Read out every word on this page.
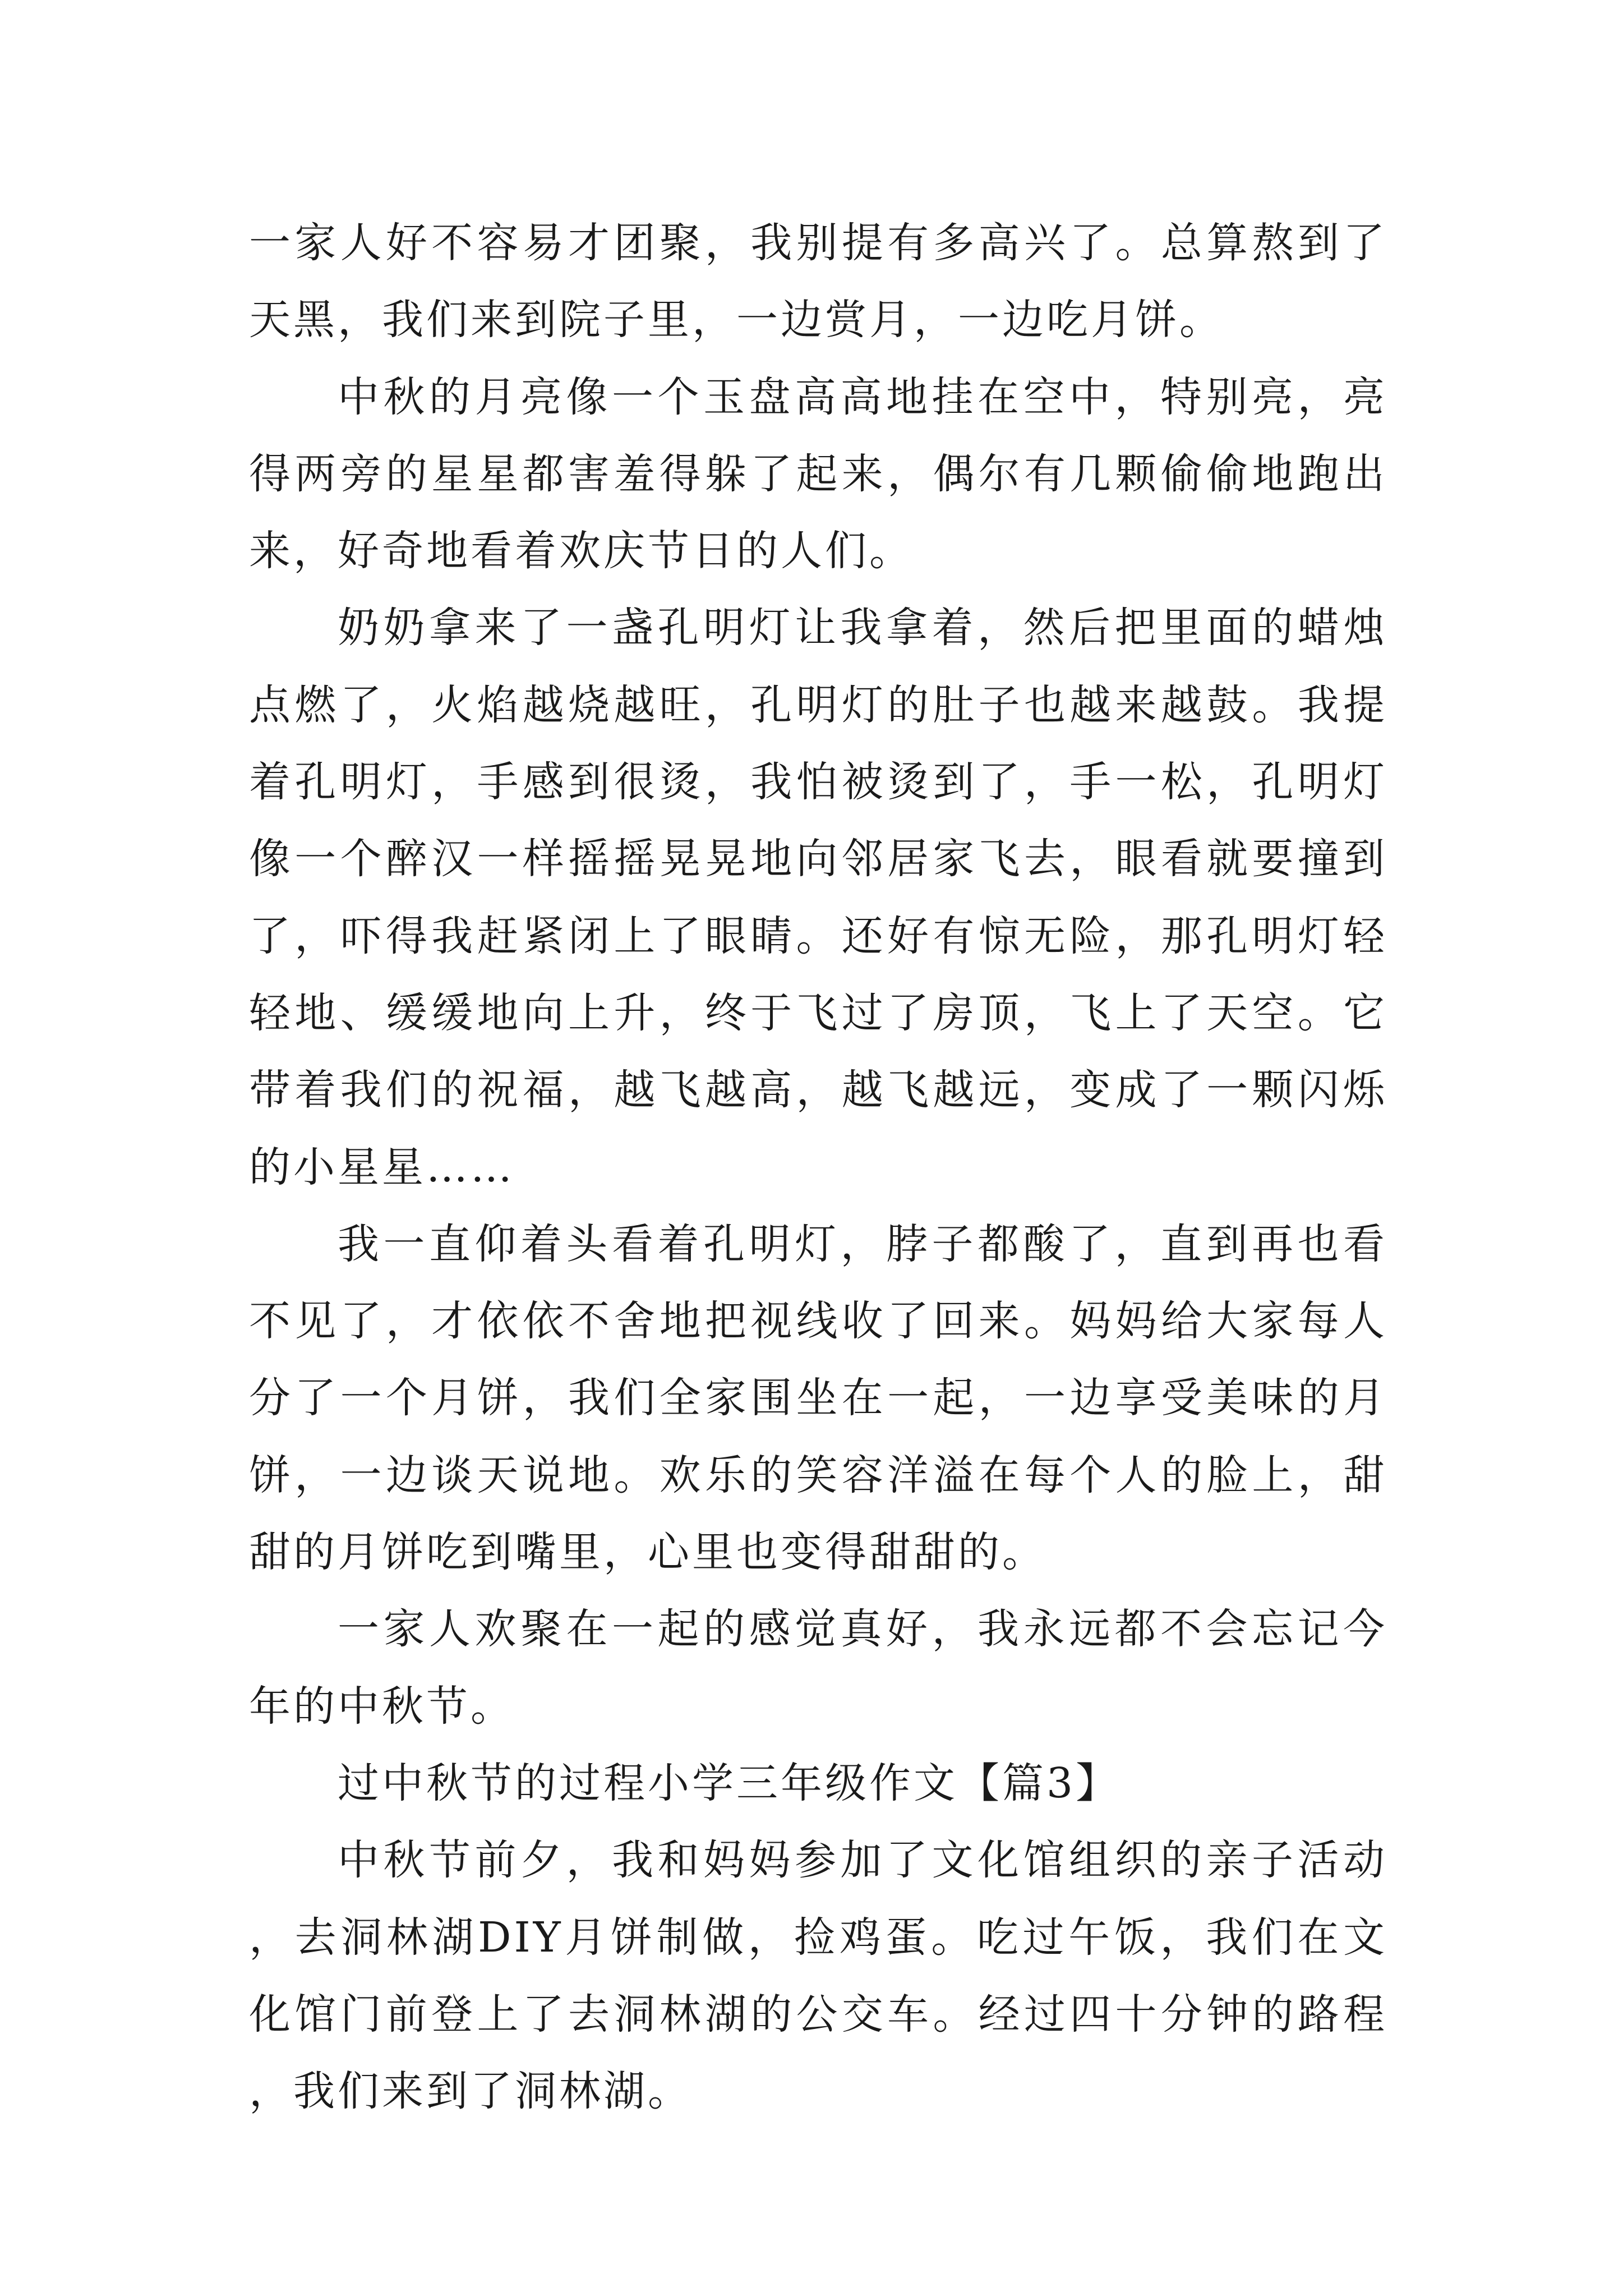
一家人好不容易才团聚，我别提有多高兴了。总算熬到了天黑，我们来到院子里，一边赏月，一边吃月饼。

中秋的月亮像一个玉盘高高地挂在空中，特别亮，亮得两旁的星星都害羞得躲了起来，偶尔有几颗偷偷地跑出来，好奇地看着欢庆节日的人们。

奶奶拿来了一盏孔明灯让我拿着，然后把里面的蜡烛点燃了，火焰越烧越旺，孔明灯的肚子也越来越鼓。我提着孔明灯，手感到很烫，我怕被烫到了，手一松，孔明灯像一个醉汉一样摇摇晃晃地向邻居家飞去，眼看就要撞到了，吓得我赶紧闭上了眼睛。还好有惊无险，那孔明灯轻轻地、缓缓地向上升，终于飞过了房顶，飞上了天空。它带着我们的祝福，越飞越高，越飞越远，变成了一颗闪烁的小星星……

我一直仰着头看着孔明灯，脖子都酸了，直到再也看不见了，才依依不舍地把视线收了回来。妈妈给大家每人分了一个月饼，我们全家围坐在一起，一边享受美味的月饼，一边谈天说地。欢乐的笑容洋溢在每个人的脸上，甜甜的月饼吃到嘴里，心里也变得甜甜的。

一家人欢聚在一起的感觉真好，我永远都不会忘记今年的中秋节。

过中秋节的过程小学三年级作文【篇3】

中秋节前夕，我和妈妈参加了文化馆组织的亲子活动，去洞林湖DIY月饼制做，捡鸡蛋。吃过午饭，我们在文化馆门前登上了去洞林湖的公交车。经过四十分钟的路程，我们来到了洞林湖。
